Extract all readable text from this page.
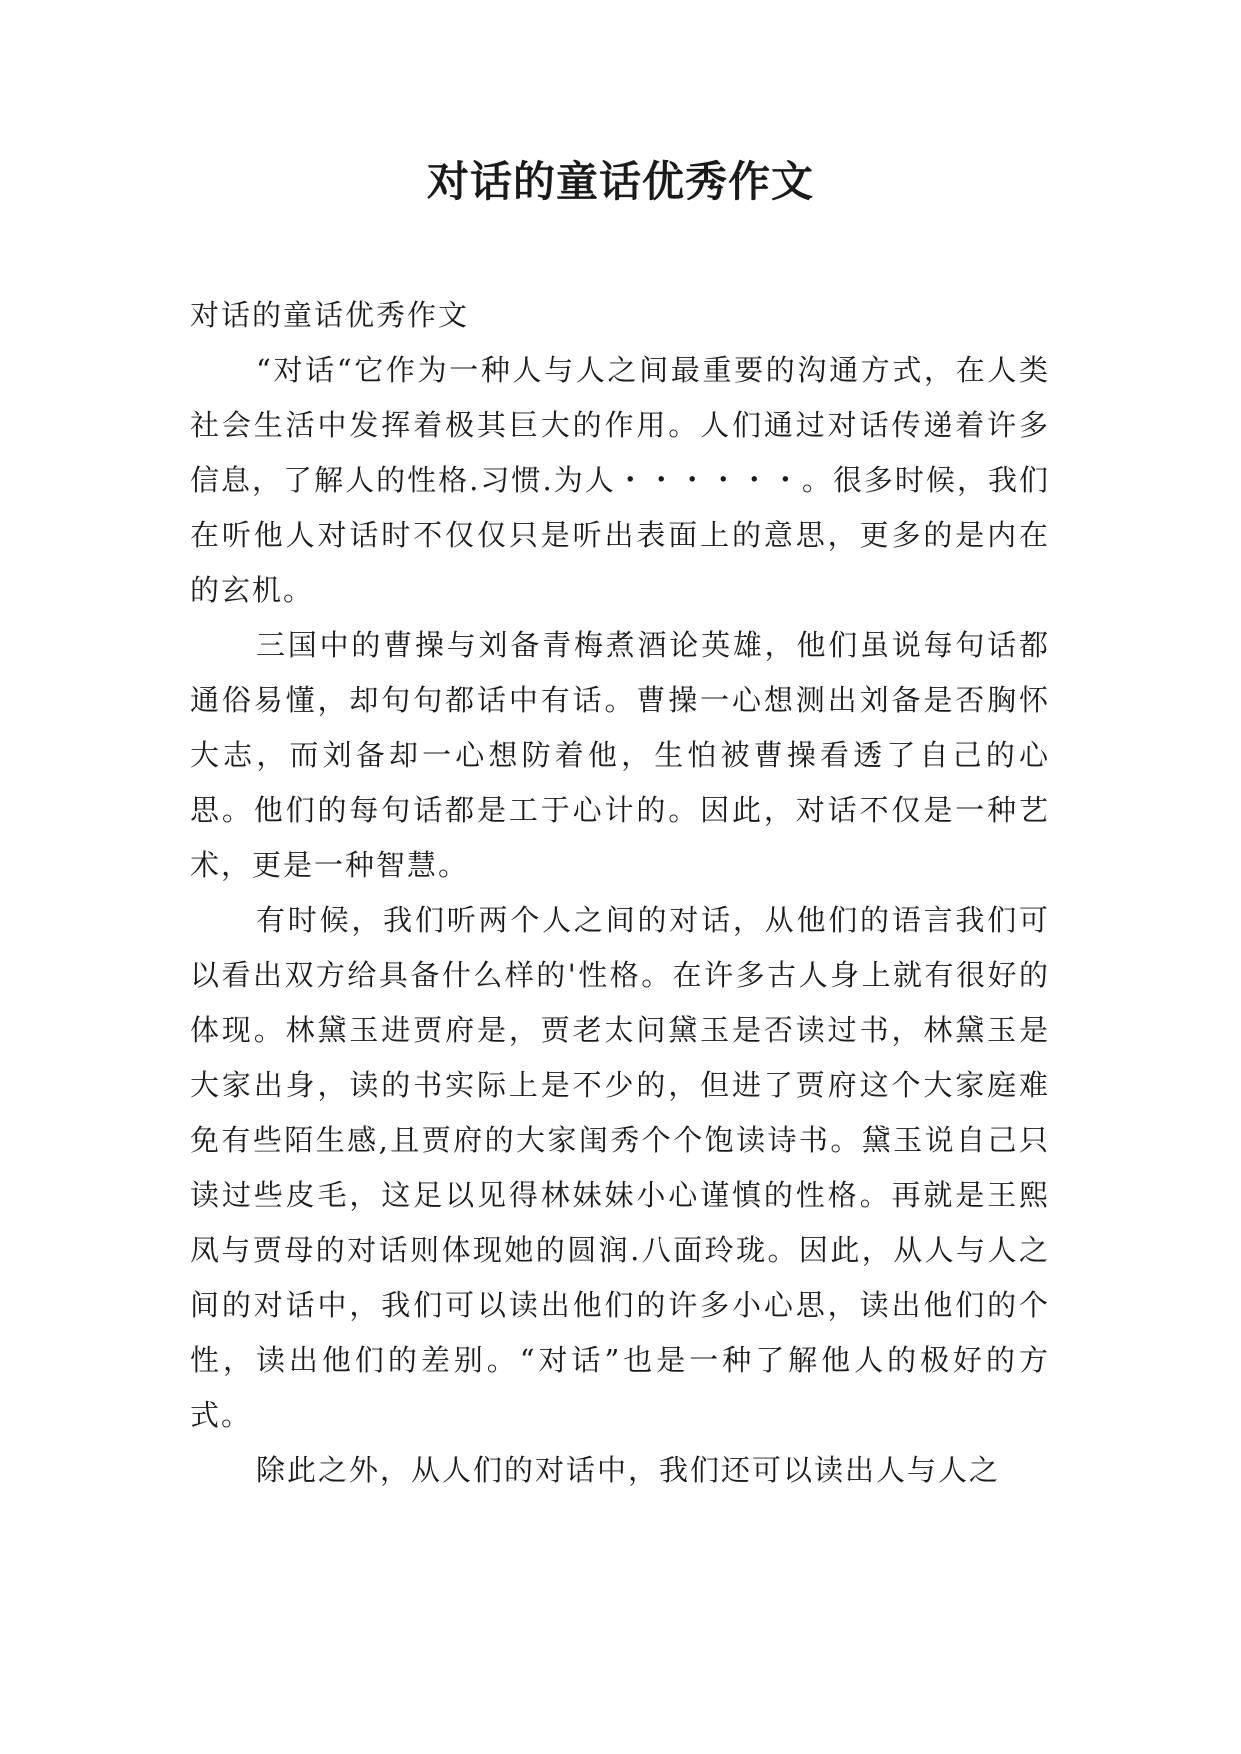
对话的童话优秀作文

对话的童话优秀作文

“对话“它作为一种人与人之间最重要的沟通方式，在人类社会生活中发挥着极其巨大的作用。人们通过对话传递着许多信息，了解人的性格.习惯.为人・・・・・・。很多时候，我们在听他人对话时不仅仅只是听出表面上的意思，更多的是内在的玄机。

三国中的曹操与刘备青梅煮酒论英雄，他们虽说每句话都通俗易懂，却句句都话中有话。曹操一心想测出刘备是否胸怀大志，而刘备却一心想防着他，生怕被曹操看透了自己的心思。他们的每句话都是工于心计的。因此，对话不仅是一种艺术，更是一种智慧。

有时候，我们听两个人之间的对话，从他们的语言我们可以看出双方给具备什么样的'性格。在许多古人身上就有很好的体现。林黛玉进贾府是，贾老太问黛玉是否读过书，林黛玉是大家出身，读的书实际上是不少的，但进了贾府这个大家庭难免有些陌生感,且贾府的大家闺秀个个饱读诗书。黛玉说自己只读过些皮毛，这足以见得林妹妹小心谨慎的性格。再就是王熙凤与贾母的对话则体现她的圆润.八面玲珑。因此，从人与人之间的对话中，我们可以读出他们的许多小心思，读出他们的个性，读出他们的差别。“对话”也是一种了解他人的极好的方式。

除此之外，从人们的对话中，我们还可以读出人与人之
